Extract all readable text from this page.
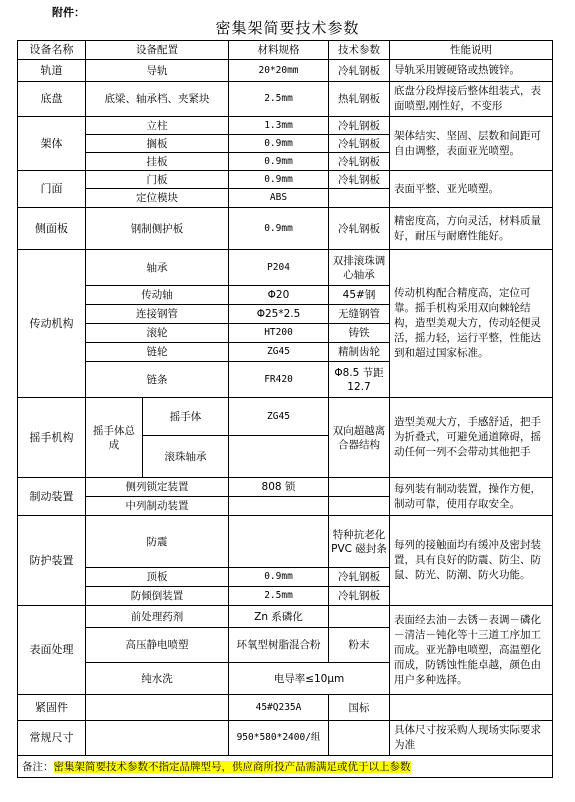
附件：
密集架简要技术参数
设备名称	设备配置		材料规格	技术参数	性能说明
轨道	导轨		20*20mm	冷轧钢板	导轨采用镀硬铬或热镀锌。
底盘	底梁、轴承档、夹紧块		2.5mm	热轧钢板	底盘分段焊接后整体组装式，表面喷塑,刚性好，不变形
架体	立柱		1.3mm	冷轧钢板	架体结实、坚固、层数和间距可自由调整，表面亚光喷塑。
	搁板		0.9mm	冷轧钢板	
	挂板		0.9mm	冷轧钢板	
门面	门板		0.9mm	冷轧钢板	表面平整、亚光喷塑。
	定位模块		ABS		
侧面板	钢制侧护板		0.9mm	冷轧钢板	精密度高，方向灵活，材料质量好，耐压与耐磨性能好。
传动机构	轴承		P204	双排滚珠调心轴承	传动机构配合精度高，定位可靠。摇手机构采用双向棘轮结构，造型美观大方，传动轻便灵活，摇力轻，运行平整，性能达到和超过国家标准。
	传动轴		Φ20	45#钢	
	连接钢管		Φ25*2.5	无缝钢管	
	滚轮		HT200	铸铁	
	链轮		ZG45	精制齿轮	
	链条		FR420	Φ8.5 节距12.7	
摇手机构	摇手体总成	摇手体	ZG45	双向超越离合器结构	造型美观大方，手感舒适，把手为折叠式，可避免通道障碍，摇动任何一列不会带动其他把手
		滚珠轴承			
制动装置	侧列锁定装置		808 锁		每列装有制动装置，操作方便，制动可靠，使用存取安全。
	中列制动装置				
防护装置	防震			特种抗老化 PVC 磁封条	每列的接触面均有缓冲及密封装置，具有良好的防震、防尘、防鼠、防光、防潮、防火功能。
	顶板		0.9mm	冷轧钢板	
	防倾倒装置		2.5mm	冷轧钢板	
表面处理	前处理药剂		Zn 系磷化		表面经去油－去锈－表调－磷化－清洁－钝化等十三道工序加工而成。亚光静电喷塑，高温塑化而成，防锈蚀性能卓越，颜色由用户多种选择。
	高压静电喷塑		环氧型树脂混合粉	粉末	
	纯水洗		电导率≤10μm		
紧固件			45#Q235A	国标	
常规尺寸			950*580*2400/组		具体尺寸按采购人现场实际要求为准
备注：密集架简要技术参数不指定品牌型号，供应商所投产品需满足或优于以上参数					
